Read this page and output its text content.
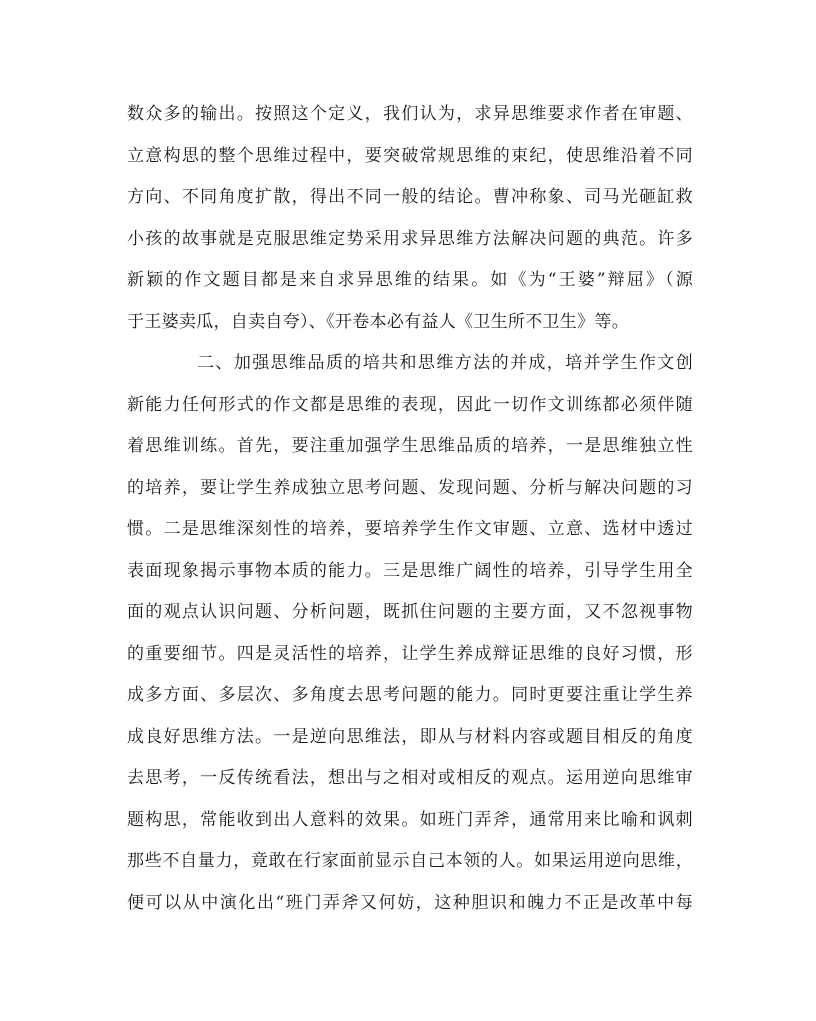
数众多的输出。按照这个定义，我们认为，求异思维要求作者在审题、
立意构思的整个思维过程中，要突破常规思维的束纪，使思维沿着不同
方向、不同角度扩散，得出不同一般的结论。曹冲称象、司马光砸缸救
小孩的故事就是克服思维定势采用求异思维方法解决问题的典范。许多
新颖的作文题目都是来自求异思维的结果。如《为“王婆”辩屈》（源
于王婆卖瓜，自卖自夸）、《开卷本必有益人《卫生所不卫生》等。
二、加强思维品质的培共和思维方法的并成，培并学生作文创
新能力任何形式的作文都是思维的表现，因此一切作文训练都必须伴随
着思维训练。首先，要注重加强学生思维品质的培养，一是思维独立性
的培养，要让学生养成独立思考问题、发现问题、分析与解决问题的习
惯。二是思维深刻性的培养，要培养学生作文审题、立意、选材中透过
表面现象揭示事物本质的能力。三是思维广阔性的培养，引导学生用全
面的观点认识问题、分析问题，既抓住问题的主要方面，又不忽视事物
的重要细节。四是灵活性的培养，让学生养成辩证思维的良好习惯，形
成多方面、多层次、多角度去思考问题的能力。同时更要注重让学生养
成良好思维方法。一是逆向思维法，即从与材料内容或题目相反的角度
去思考，一反传统看法，想出与之相对或相反的观点。运用逆向思维审
题构思，常能收到出人意料的效果。如班门弄斧，通常用来比喻和讽刺
那些不自量力，竟敢在行家面前显示自己本领的人。如果运用逆向思维，
便可以从中演化出“班门弄斧又何妨，这种胆识和魄力不正是改革中每
